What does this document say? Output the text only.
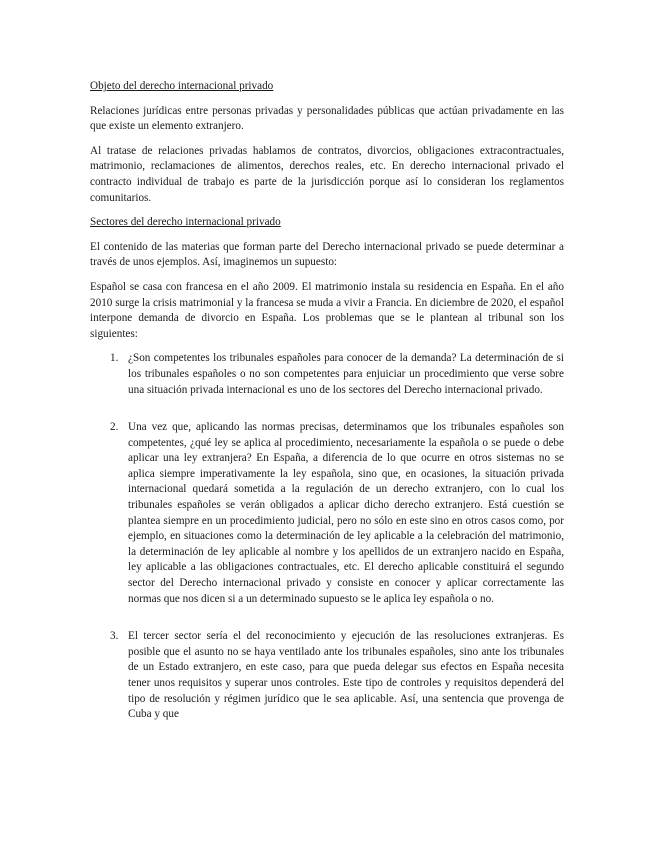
Objeto del derecho internacional privado

Relaciones jurídicas entre personas privadas y personalidades públicas que actúan privadamente en las que existe un elemento extranjero.

Al tratase de relaciones privadas hablamos de contratos, divorcios, obligaciones extracontractuales, matrimonio, reclamaciones de alimentos, derechos reales, etc. En derecho internacional privado el contracto individual de trabajo es parte de la jurisdicción porque así lo consideran los reglamentos comunitarios.

Sectores del derecho internacional privado

El contenido de las materias que forman parte del Derecho internacional privado se puede determinar a través de unos ejemplos. Así, imaginemos un supuesto:

Español se casa con francesa en el año 2009. El matrimonio instala su residencia en España. En el año 2010 surge la crisis matrimonial y la francesa se muda a vivir a Francia. En diciembre de 2020, el español interpone demanda de divorcio en España. Los problemas que se le plantean al tribunal son los siguientes:

1. ¿Son competentes los tribunales españoles para conocer de la demanda? La determinación de si los tribunales españoles o no son competentes para enjuiciar un procedimiento que verse sobre una situación privada internacional es uno de los sectores del Derecho internacional privado.
2. Una vez que, aplicando las normas precisas, determinamos que los tribunales españoles son competentes, ¿qué ley se aplica al procedimiento, necesariamente la española o se puede o debe aplicar una ley extranjera? En España, a diferencia de lo que ocurre en otros sistemas no se aplica siempre imperativamente la ley española, sino que, en ocasiones, la situación privada internacional quedará sometida a la regulación de un derecho extranjero, con lo cual los tribunales españoles se verán obligados a aplicar dicho derecho extranjero. Está cuestión se plantea siempre en un procedimiento judicial, pero no sólo en este sino en otros casos como, por ejemplo, en situaciones como la determinación de ley aplicable a la celebración del matrimonio, la determinación de ley aplicable al nombre y los apellidos de un extranjero nacido en España, ley aplicable a las obligaciones contractuales, etc. El derecho aplicable constituirá el segundo sector del Derecho internacional privado y consiste en conocer y aplicar correctamente las normas que nos dicen si a un determinado supuesto se le aplica ley española o no.
3. El tercer sector sería el del reconocimiento y ejecución de las resoluciones extranjeras. Es posible que el asunto no se haya ventilado ante los tribunales españoles, sino ante los tribunales de un Estado extranjero, en este caso, para que pueda delegar sus efectos en España necesita tener unos requisitos y superar unos controles. Este tipo de controles y requisitos dependerá del tipo de resolución y régimen jurídico que le sea aplicable. Así, una sentencia que provenga de Cuba y que
